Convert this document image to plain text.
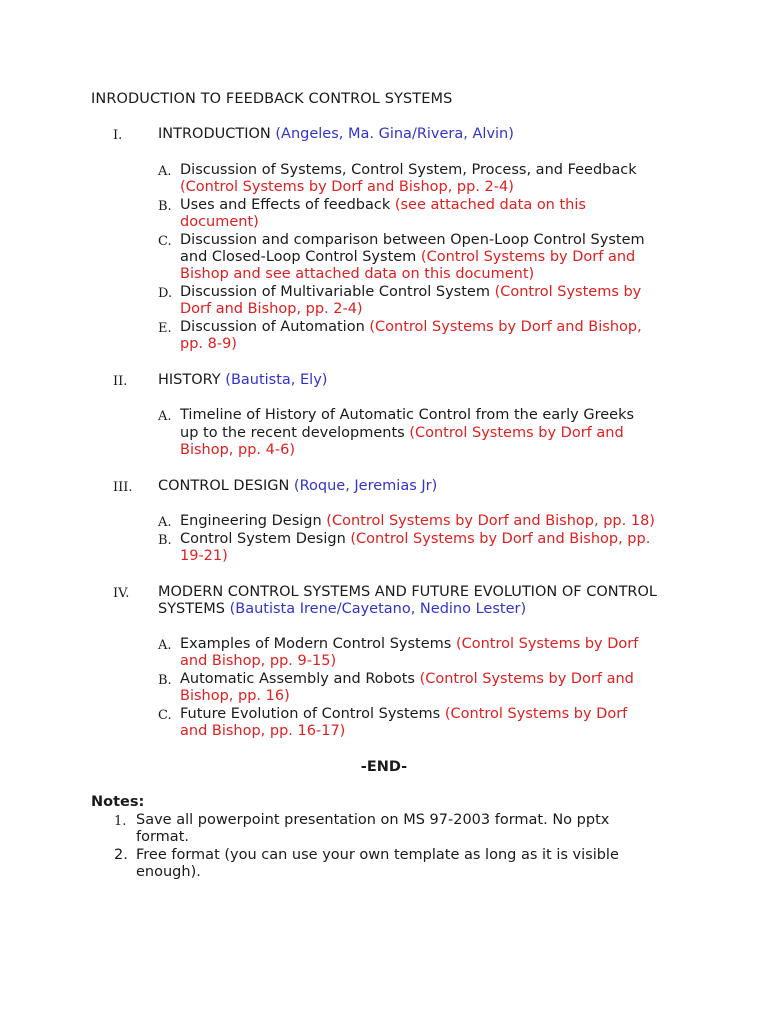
INRODUCTION TO FEEDBACK CONTROL SYSTEMS
I. INTRODUCTION (Angeles, Ma. Gina/Rivera, Alvin)
A. Discussion of Systems, Control System, Process, and Feedback
(Control Systems by Dorf and Bishop, pp. 2-4)
B. Uses and Effects of feedback (see attached data on this
document)
C. Discussion and comparison between Open-Loop Control System
and Closed-Loop Control System (Control Systems by Dorf and
Bishop and see attached data on this document)
D. Discussion of Multivariable Control System (Control Systems by
Dorf and Bishop, pp. 2-4)
E. Discussion of Automation (Control Systems by Dorf and Bishop,
pp. 8-9)
II. HISTORY (Bautista, Ely)
A. Timeline of History of Automatic Control from the early Greeks
up to the recent developments (Control Systems by Dorf and
Bishop, pp. 4-6)
III. CONTROL DESIGN (Roque, Jeremias Jr)
A. Engineering Design (Control Systems by Dorf and Bishop, pp. 18)
B. Control System Design (Control Systems by Dorf and Bishop, pp.
19-21)
IV. MODERN CONTROL SYSTEMS AND FUTURE EVOLUTION OF CONTROL
SYSTEMS (Bautista Irene/Cayetano, Nedino Lester)
A. Examples of Modern Control Systems (Control Systems by Dorf
and Bishop, pp. 9-15)
B. Automatic Assembly and Robots (Control Systems by Dorf and
Bishop, pp. 16)
C. Future Evolution of Control Systems (Control Systems by Dorf
and Bishop, pp. 16-17)
-END-
Notes:
1. Save all powerpoint presentation on MS 97-2003 format. No pptx
format.
2. Free format (you can use your own template as long as it is visible
enough).
